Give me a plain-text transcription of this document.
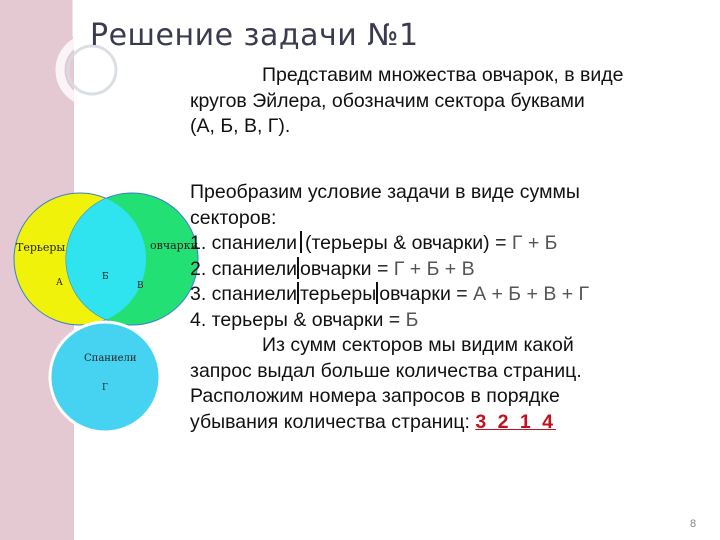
Решение задачи №1
Представим множества овчарок, в виде
кругов Эйлера, обозначим сектора буквами
(А, Б, В, Г).
Терьеры	овчарки
А
Б
В
Спаниели
Г
Преобразим условие задачи в виде суммы
секторов:
1. спаниели (терьеры & овчарки) = Г + Б
2. спаниели овчарки = Г + Б + В
3. спаниели терьеры овчарки = А + Б + В + Г
4. терьеры & овчарки = Б
Из сумм секторов мы видим какой
запрос выдал больше количества страниц.
Расположим номера запросов в порядке
убывания количества страниц: 3 2 1 4
8
